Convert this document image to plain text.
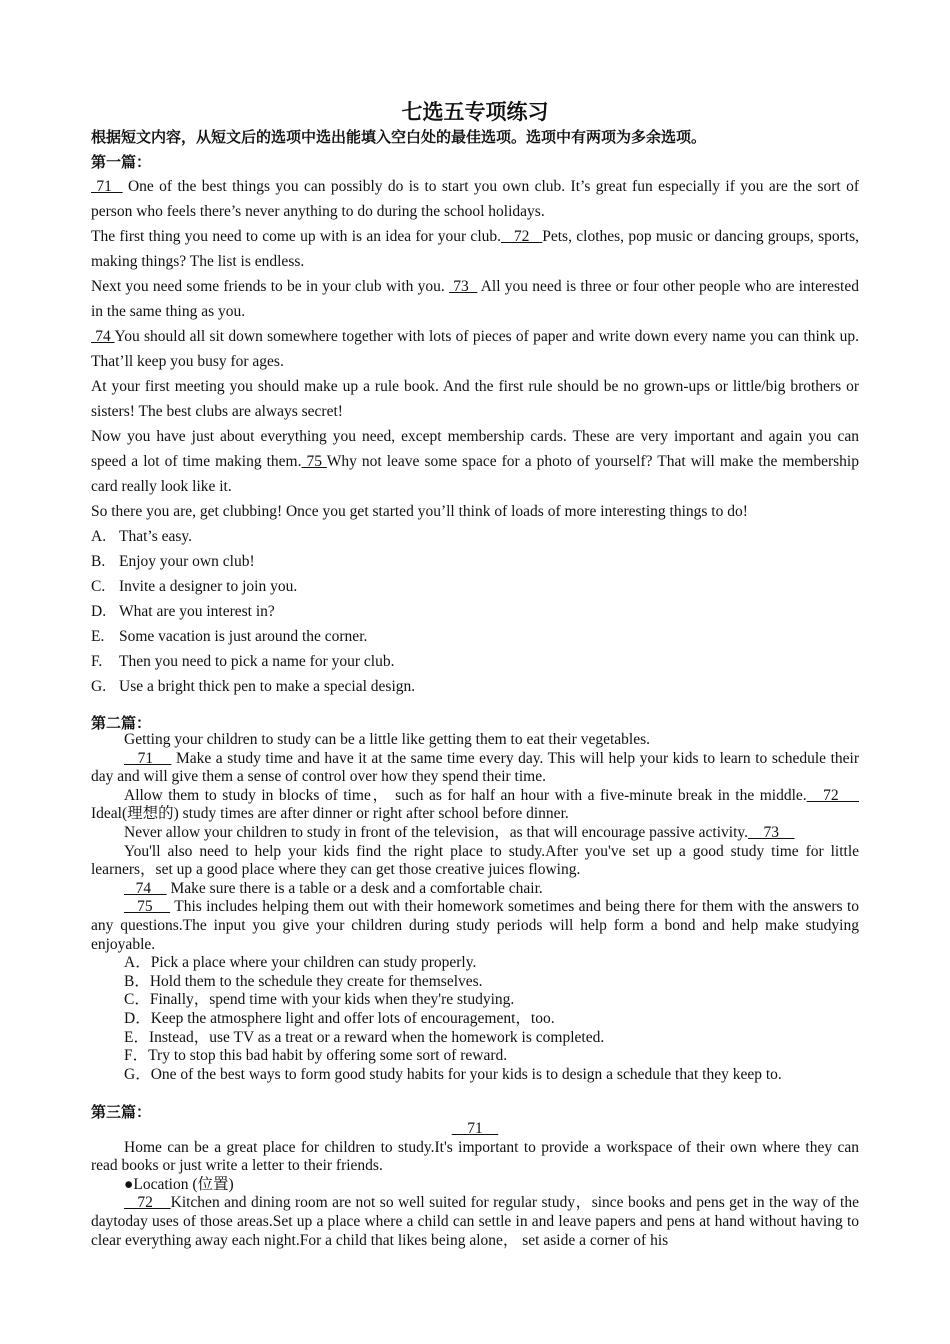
七选五专项练习

根据短文内容，从短文后的选项中选出能填入空白处的最佳选项。选项中有两项为多余选项。

第一篇：

71   One of the best things you can possibly do is to start you own club. It’s great fun especially if you are the sort of person who feels there’s never anything to do during the school holidays.

The first thing you need to come up with is an idea for your club.   72   Pets, clothes, pop music or dancing groups, sports, making things? The list is endless.

Next you need some friends to be in your club with you.  73   All you need is three or four other people who are interested in the same thing as you.

74 You should all sit down somewhere together with lots of pieces of paper and write down every name you can think up. That’ll keep you busy for ages.

At your first meeting you should make up a rule book. And the first rule should be no grown-ups or little/big brothers or sisters! The best clubs are always secret!

Now you have just about everything you need, except membership cards. These are very important and again you can speed a lot of time making them. 75 Why not leave some space for a photo of yourself? That will make the membership card really look like it.

So there you are, get clubbing! Once you get started you’ll think of loads of more interesting things to do!

A. That’s easy.
B. Enjoy your own club!
C. Invite a designer to join you.
D. What are you interest in?
E. Some vacation is just around the corner.
F. Then you need to pick a name for your club.
G. Use a bright thick pen to make a special design.

第二篇：

Getting your children to study can be a little like getting them to eat their vegetables.

71     Make a study time and have it at the same time every day. This will help your kids to learn to schedule their day and will give them a sense of control over how they spend their time.

Allow them to study in blocks of time， such as for half an hour with a five-minute break in the middle.   72     Ideal(理想的) study times are after dinner or right after school before dinner.

Never allow your children to study in front of the television，as that will encourage passive activity.    73

You'll also need to help your kids find the right place to study.After you've set up a good study time for little learners，set up a good place where they can get those creative juices flowing.

74     Make sure there is a table or a desk and a comfortable chair.

75     This includes helping them out with their homework sometimes and being there for them with the answers to any questions.The input you give your children during study periods will help form a bond and help make studying enjoyable.

A．Pick a place where your children can study properly.

B．Hold them to the schedule they create for themselves.

C．Finally，spend time with your kids when they're studying.

D．Keep the atmosphere light and offer lots of encouragement，too.

E．Instead，use TV as a treat or a reward when the homework is completed.

F．Try to stop this bad habit by offering some sort of reward.

G．One of the best ways to form good study habits for your kids is to design a schedule that they keep to.

第三篇：

71

Home can be a great place for children to study.It's important to provide a workspace of their own where they can read books or just write a letter to their friends.

●Location (位置)

72    Kitchen and dining room are not so well suited for regular study，since books and pens get in the way of the daytoday uses of those areas.Set up a place where a child can settle in and leave papers and pens at hand without having to clear everything away each night.For a child that likes being alone， set aside a corner of his
